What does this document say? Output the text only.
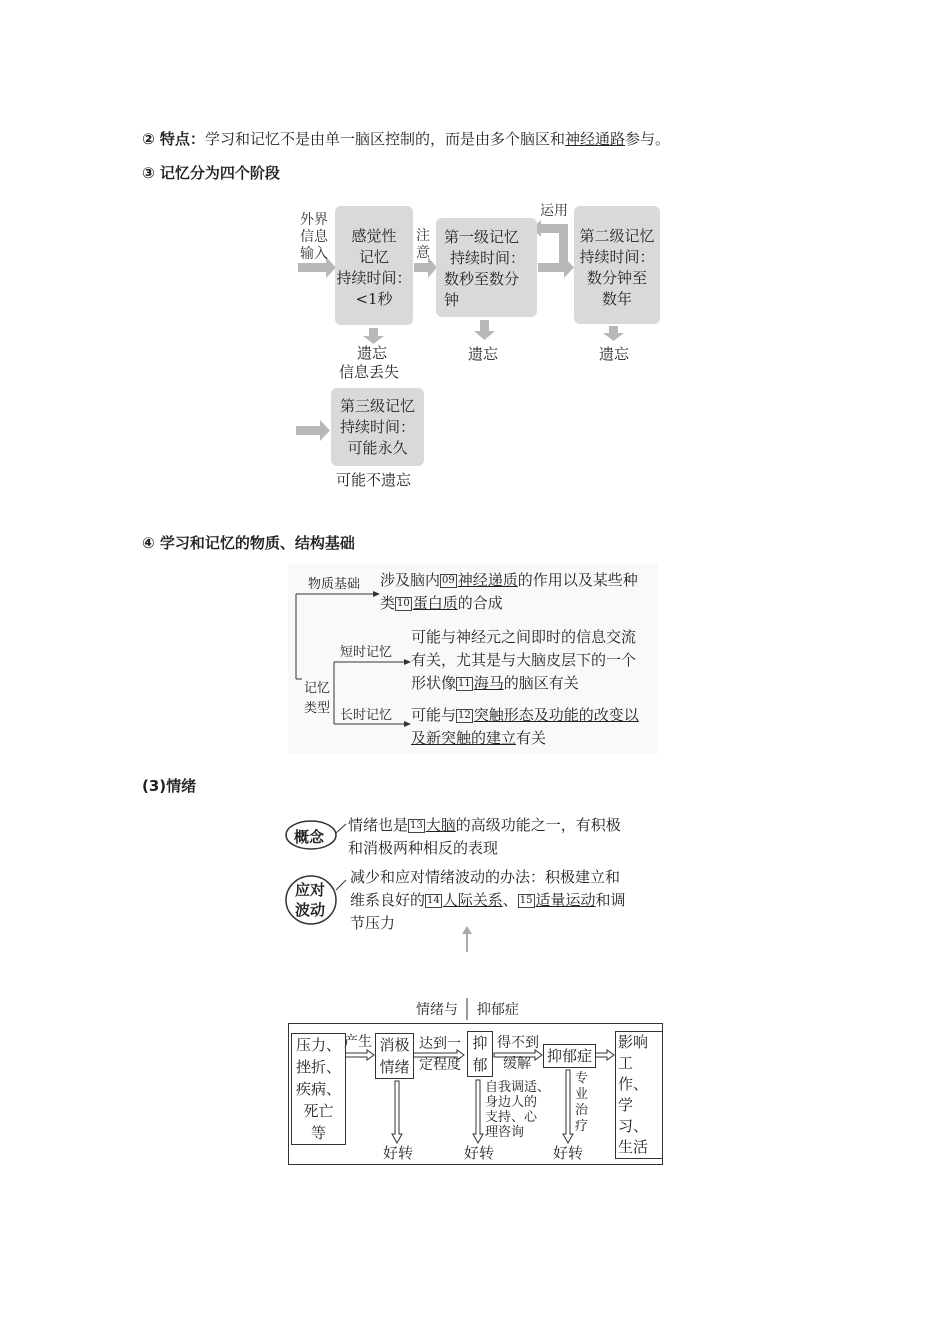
② 特点：学习和记忆不是由单一脑区控制的，而是由多个脑区和神经通路参与。
③ 记忆分为四个阶段
外界
信息
输入
注
意
运用
感觉性
记忆
持续时间：
<1秒
第一级记忆
持续时间：
数秒至数分
钟
第二级记忆
持续时间：
数分钟至
数年
第三级记忆
持续时间：
可能永久
遗忘
信息丢失
遗忘	遗忘
可能不遗忘
④ 学习和记忆的物质、结构基础
物质基础 涉及脑内 09 神经递质的作用以及某些种
类 10 蛋白质的合成
记忆
类型
短时记忆
可能与神经元之间即时的信息交流
有关，尤其是与大脑皮层下的一个
形状像 11 海马的脑区有关
长时记忆 可能与 12 突触形态及功能的改变以
及新突触的建立有关
(3)情绪
概念
应对
波动
情绪也是 13 大脑的高级功能之一，有积极
和消极两种相反的表现
减少和应对情绪波动的办法：积极建立和
维系良好的 14 人际关系、 15 适量运动和调
节压力
情绪与 抑郁症
压力、
挫折、
疾病、
死亡
等
产生 消极
情绪
达到一
定程度
抑
郁
得不到
缓解	抑郁症
影响
工作、
学习、
生活
自我调适、
身边人的
支持、心
理咨询
专
业
治
疗
好转	好转	好转
